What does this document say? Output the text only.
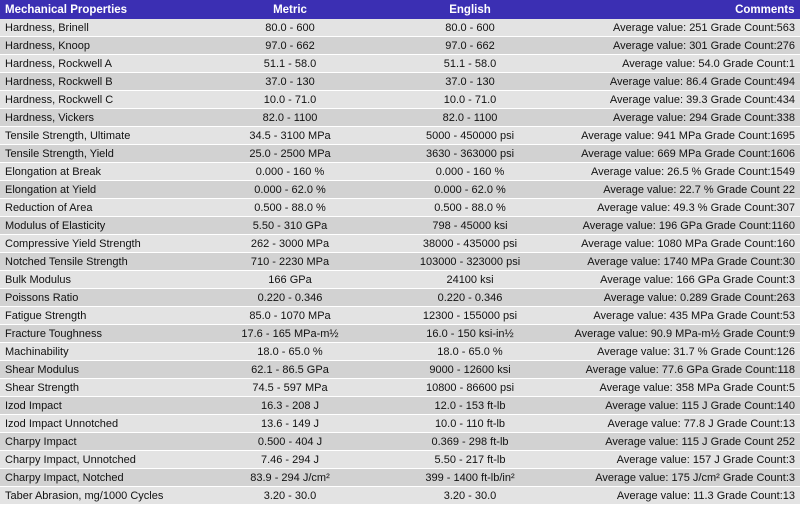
Mechanical Properties	Metric	English	Comments
Hardness, Brinell	80.0 - 600	80.0 - 600	Average value: 251 Grade Count:563
Hardness, Knoop	97.0 - 662	97.0 - 662	Average value: 301 Grade Count:276
Hardness, Rockwell A	51.1 - 58.0	51.1 - 58.0	Average value: 54.0 Grade Count:1
Hardness, Rockwell B	37.0 - 130	37.0 - 130	Average value: 86.4 Grade Count:494
Hardness, Rockwell C	10.0 - 71.0	10.0 - 71.0	Average value: 39.3 Grade Count:434
Hardness, Vickers	82.0 - 1100	82.0 - 1100	Average value: 294 Grade Count:338
Tensile Strength, Ultimate	34.5 - 3100 MPa	5000 - 450000 psi	Average value: 941 MPa Grade Count:1695
Tensile Strength, Yield	25.0 - 2500 MPa	3630 - 363000 psi	Average value: 669 MPa Grade Count:1606
Elongation at Break	0.000 - 160 %	0.000 - 160 %	Average value: 26.5 % Grade Count:1549
Elongation at Yield	0.000 - 62.0 %	0.000 - 62.0 %	Average value: 22.7 % Grade Count 22
Reduction of Area	0.500 - 88.0 %	0.500 - 88.0 %	Average value: 49.3 % Grade Count:307
Modulus of Elasticity	5.50 - 310 GPa	798 - 45000 ksi	Average value: 196 GPa Grade Count:1160
Compressive Yield Strength	262 - 3000 MPa	38000 - 435000 psi	Average value: 1080 MPa Grade Count:160
Notched Tensile Strength	710 - 2230 MPa	103000 - 323000 psi	Average value: 1740 MPa Grade Count:30
Bulk Modulus	166 GPa	24100 ksi	Average value: 166 GPa Grade Count:3
Poissons Ratio	0.220 - 0.346	0.220 - 0.346	Average value: 0.289 Grade Count:263
Fatigue Strength	85.0 - 1070 MPa	12300 - 155000 psi	Average value: 435 MPa Grade Count:53
Fracture Toughness	17.6 - 165 MPa-m½	16.0 - 150 ksi-in½	Average value: 90.9 MPa-m½ Grade Count:9
Machinability	18.0 - 65.0 %	18.0 - 65.0 %	Average value: 31.7 % Grade Count:126
Shear Modulus	62.1 - 86.5 GPa	9000 - 12600 ksi	Average value: 77.6 GPa Grade Count:118
Shear Strength	74.5 - 597 MPa	10800 - 86600 psi	Average value: 358 MPa Grade Count:5
Izod Impact	16.3 - 208 J	12.0 - 153 ft-lb	Average value: 115 J Grade Count:140
Izod Impact Unnotched	13.6 - 149 J	10.0 - 110 ft-lb	Average value: 77.8 J Grade Count:13
Charpy Impact	0.500 - 404 J	0.369 - 298 ft-lb	Average value: 115 J Grade Count 252
Charpy Impact, Unnotched	7.46 - 294 J	5.50 - 217 ft-lb	Average value: 157 J Grade Count:3
Charpy Impact, Notched	83.9 - 294 J/cm²	399 - 1400 ft-lb/in²	Average value: 175 J/cm² Grade Count:3
Taber Abrasion, mg/1000 Cycles	3.20 - 30.0	3.20 - 30.0	Average value: 11.3 Grade Count:13
